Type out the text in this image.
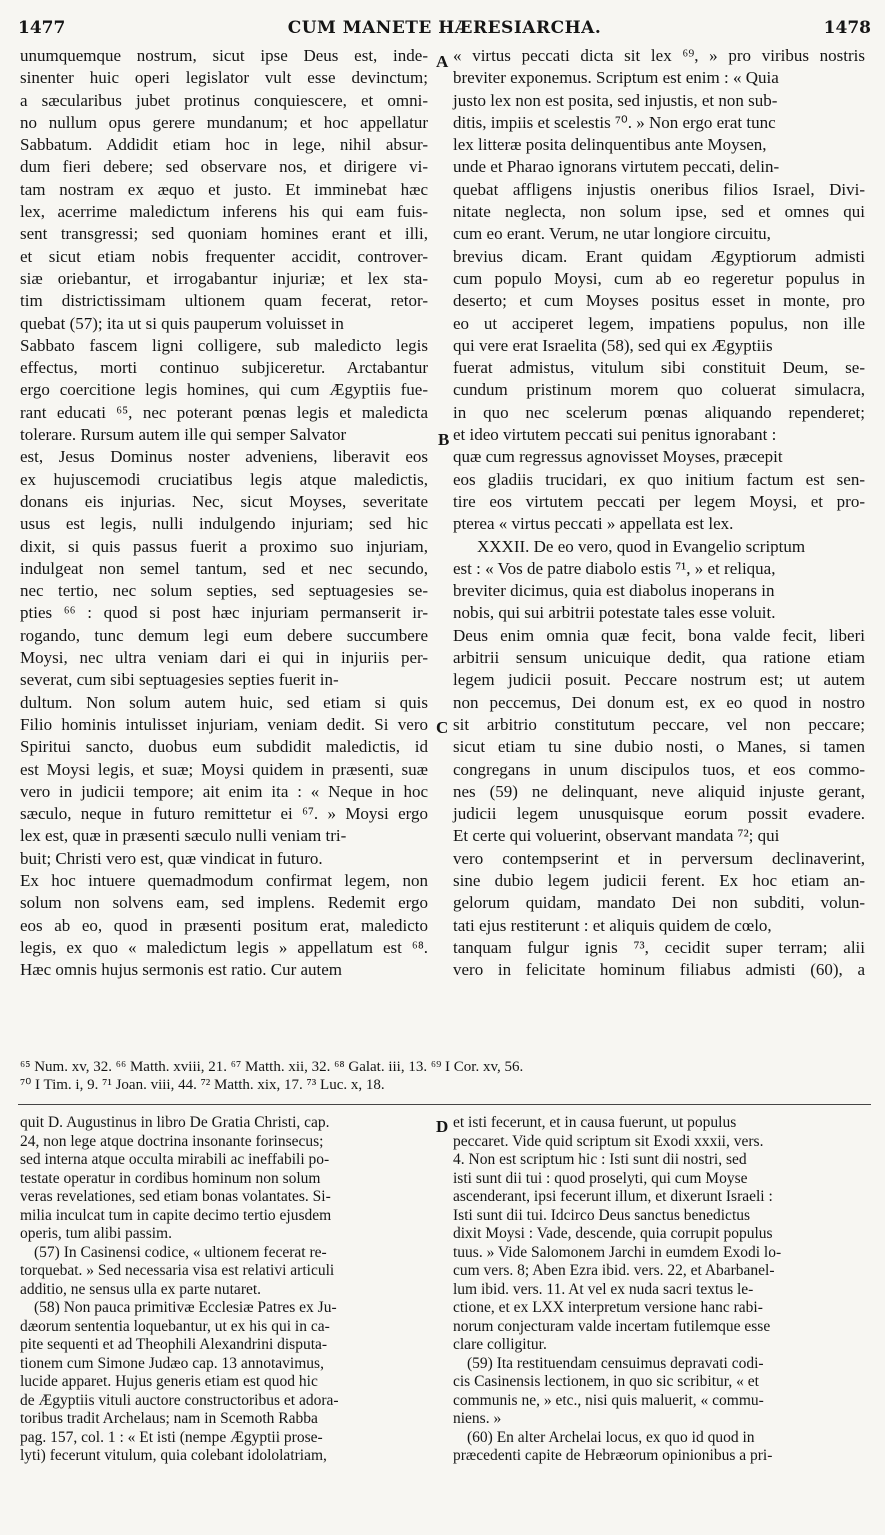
1477	CUM MANETE HÆRESIARCHA.	1478
A
B
C
D

unumquemque nostrum, sicut ipse Deus est, inde-

sinenter huic operi legislator vult esse devinctum;

a sæcularibus jubet protinus conquiescere, et omni-

no nullum opus gerere mundanum; et hoc appellatur

Sabbatum. Addidit etiam hoc in lege, nihil absur-

dum fieri debere; sed observare nos, et dirigere vi-

tam nostram ex æquo et justo. Et imminebat hæc

lex, acerrime maledictum inferens his qui eam fuis-

sent transgressi; sed quoniam homines erant et illi,

et sicut etiam nobis frequenter accidit, controver-

siæ oriebantur, et irrogabantur injuriæ; et lex sta-

tim districtissimam ultionem quam fecerat, retor-

quebat (57); ita ut si quis pauperum voluisset in

Sabbato fascem ligni colligere, sub maledicto legis

effectus, morti continuo subjiceretur. Arctabantur

ergo coercitione legis homines, qui cum Ægyptiis fue-

rant educati ⁶⁵, nec poterant pœnas legis et maledicta

tolerare. Rursum autem ille qui semper Salvator

est, Jesus Dominus noster adveniens, liberavit eos

ex hujuscemodi cruciatibus legis atque maledictis,

donans eis injurias. Nec, sicut Moyses, severitate

usus est legis, nulli indulgendo injuriam; sed hic

dixit, si quis passus fuerit a proximo suo injuriam,

indulgeat non semel tantum, sed et nec secundo,

nec tertio, nec solum septies, sed septuagesies se-

pties ⁶⁶ : quod si post hæc injuriam permanserit ir-

rogando, tunc demum legi eum debere succumbere

Moysi, nec ultra veniam dari ei qui in injuriis per-

severat, cum sibi septuagesies septies fuerit in-

dultum. Non solum autem huic, sed etiam si quis

Filio hominis intulisset injuriam, veniam dedit. Si vero

Spiritui sancto, duobus eum subdidit maledictis, id

est Moysi legis, et suæ; Moysi quidem in præsenti, suæ

vero in judicii tempore; ait enim ita : « Neque in hoc

sæculo, neque in futuro remittetur ei ⁶⁷. » Moysi ergo

lex est, quæ in præsenti sæculo nulli veniam tri-

buit; Christi vero est, quæ vindicat in futuro.

Ex hoc intuere quemadmodum confirmat legem, non

solum non solvens eam, sed implens. Redemit ergo

eos ab eo, quod in præsenti positum erat, maledicto

legis, ex quo « maledictum legis » appellatum est ⁶⁸.

Hæc omnis hujus sermonis est ratio. Cur autem

« virtus peccati dicta sit lex ⁶⁹, » pro viribus nostris

breviter exponemus. Scriptum est enim : « Quia

justo lex non est posita, sed injustis, et non sub-

ditis, impiis et scelestis ⁷⁰. » Non ergo erat tunc

lex litteræ posita delinquentibus ante Moysen,

unde et Pharao ignorans virtutem peccati, delin-

quebat affligens injustis oneribus filios Israel, Divi-

nitate neglecta, non solum ipse, sed et omnes qui

cum eo erant. Verum, ne utar longiore circuitu,

brevius dicam. Erant quidam Ægyptiorum admisti

cum populo Moysi, cum ab eo regeretur populus in

deserto; et cum Moyses positus esset in monte, pro

eo ut acciperet legem, impatiens populus, non ille

qui vere erat Israelita (58), sed qui ex Ægyptiis

fuerat admistus, vitulum sibi constituit Deum, se-

cundum pristinum morem quo coluerat simulacra,

in quo nec scelerum pœnas aliquando rependeret;

et ideo virtutem peccati sui penitus ignorabant :

quæ cum regressus agnovisset Moyses, præcepit

eos gladiis trucidari, ex quo initium factum est sen-

tire eos virtutem peccati per legem Moysi, et pro-

pterea « virtus peccati » appellata est lex.

XXXII. De eo vero, quod in Evangelio scriptum

est : « Vos de patre diabolo estis ⁷¹, » et reliqua,

breviter dicimus, quia est diabolus inoperans in

nobis, qui sui arbitrii potestate tales esse voluit.

Deus enim omnia quæ fecit, bona valde fecit, liberi

arbitrii sensum unicuique dedit, qua ratione etiam

legem judicii posuit. Peccare nostrum est; ut autem

non peccemus, Dei donum est, ex eo quod in nostro

sit arbitrio constitutum peccare, vel non peccare;

sicut etiam tu sine dubio nosti, o Manes, si tamen

congregans in unum discipulos tuos, et eos commo-

nes (59) ne delinquant, neve aliquid injuste gerant,

judicii legem unusquisque eorum possit evadere.

Et certe qui voluerint, observant mandata ⁷²; qui

vero contempserint et in perversum declinaverint,

sine dubio legem judicii ferent. Ex hoc etiam an-

gelorum quidam, mandato Dei non subditi, volun-

tati ejus restiterunt : et aliquis quidem de cœlo,

tanquam fulgur ignis ⁷³, cecidit super terram; alii

vero in felicitate hominum filiabus admisti (60), a

⁶⁵ Num. xv, 32. ⁶⁶ Matth. xviii, 21. ⁶⁷ Matth. xii, 32. ⁶⁸ Galat. iii, 13. ⁶⁹ I Cor. xv, 56.

⁷⁰ I Tim. i, 9. ⁷¹ Joan. viii, 44. ⁷² Matth. xix, 17. ⁷³ Luc. x, 18.

quit D. Augustinus in libro De Gratia Christi, cap.

24, non lege atque doctrina insonante forinsecus;

sed interna atque occulta mirabili ac ineffabili po-

testate operatur in cordibus hominum non solum

veras revelationes, sed etiam bonas volantates. Si-

milia inculcat tum in capite decimo tertio ejusdem

operis, tum alibi passim.

(57) In Casinensi codice, « ultionem fecerat re-

torquebat. » Sed necessaria visa est relativi articuli

additio, ne sensus ulla ex parte nutaret.

(58) Non pauca primitivæ Ecclesiæ Patres ex Ju-

dæorum sententia loquebantur, ut ex his qui in ca-

pite sequenti et ad Theophili Alexandrini disputa-

tionem cum Simone Judæo cap. 13 annotavimus,

lucide apparet. Hujus generis etiam est quod hic

de Ægyptiis vituli auctore constructoribus et adora-

toribus tradit Archelaus; nam in Scemoth Rabba

pag. 157, col. 1 : « Et isti (nempe Ægyptii prose-

lyti) fecerunt vitulum, quia colebant idololatriam,

et isti fecerunt, et in causa fuerunt, ut populus

peccaret. Vide quid scriptum sit Exodi xxxii, vers.

4. Non est scriptum hic : Isti sunt dii nostri, sed

isti sunt dii tui : quod proselyti, qui cum Moyse

ascenderant, ipsi fecerunt illum, et dixerunt Israeli :

Isti sunt dii tui. Idcirco Deus sanctus benedictus

dixit Moysi : Vade, descende, quia corrupit populus

tuus. » Vide Salomonem Jarchi in eumdem Exodi lo-

cum vers. 8; Aben Ezra ibid. vers. 22, et Abarbanel-

lum ibid. vers. 11. At vel ex nuda sacri textus le-

ctione, et ex LXX interpretum versione hanc rabi-

norum conjecturam valde incertam futilemque esse

clare colligitur.

(59) Ita restituendam censuimus depravati codi-

cis Casinensis lectionem, in quo sic scribitur, « et

communis ne, » etc., nisi quis maluerit, « commu-

niens. »

(60) En alter Archelai locus, ex quo id quod in

præcedenti capite de Hebræorum opinionibus a pri-
